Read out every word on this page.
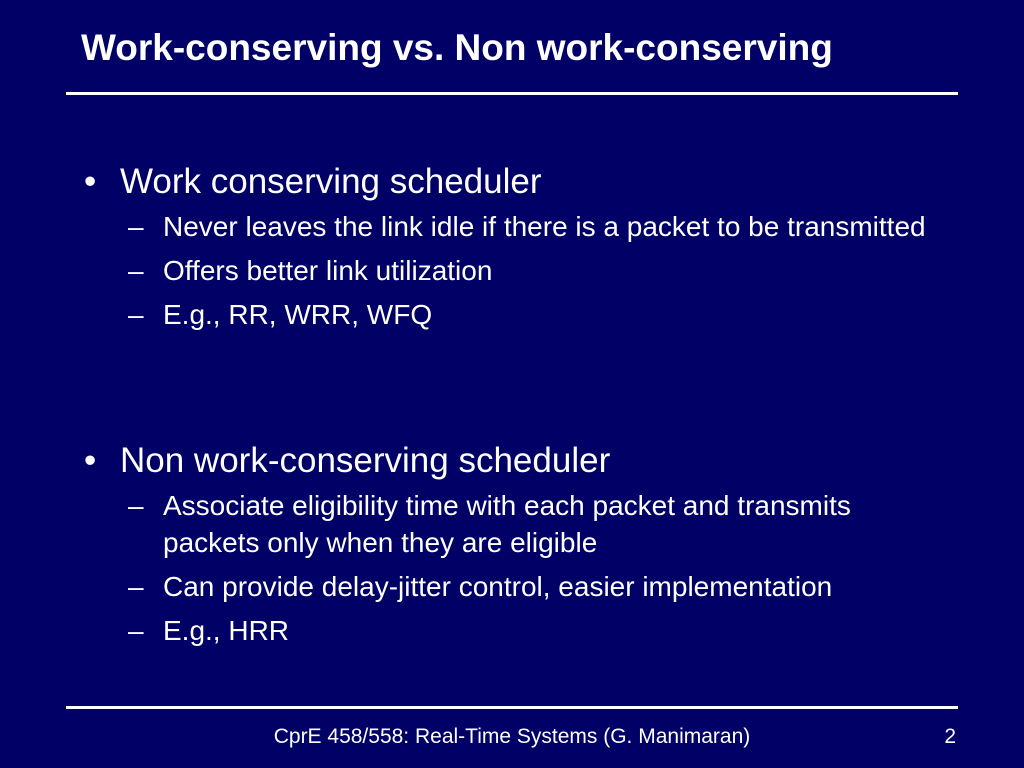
Work-conserving vs. Non work-conserving
• Work conserving scheduler
– Never leaves the link idle if there is a packet to be transmitted
– Offers better link utilization
– E.g., RR, WRR, WFQ
• Non work-conserving scheduler
– Associate eligibility time with each packet and transmits packets only when they are eligible
– Can provide delay-jitter control, easier implementation
– E.g., HRR
CprE 458/558: Real-Time Systems (G. Manimaran)	2
